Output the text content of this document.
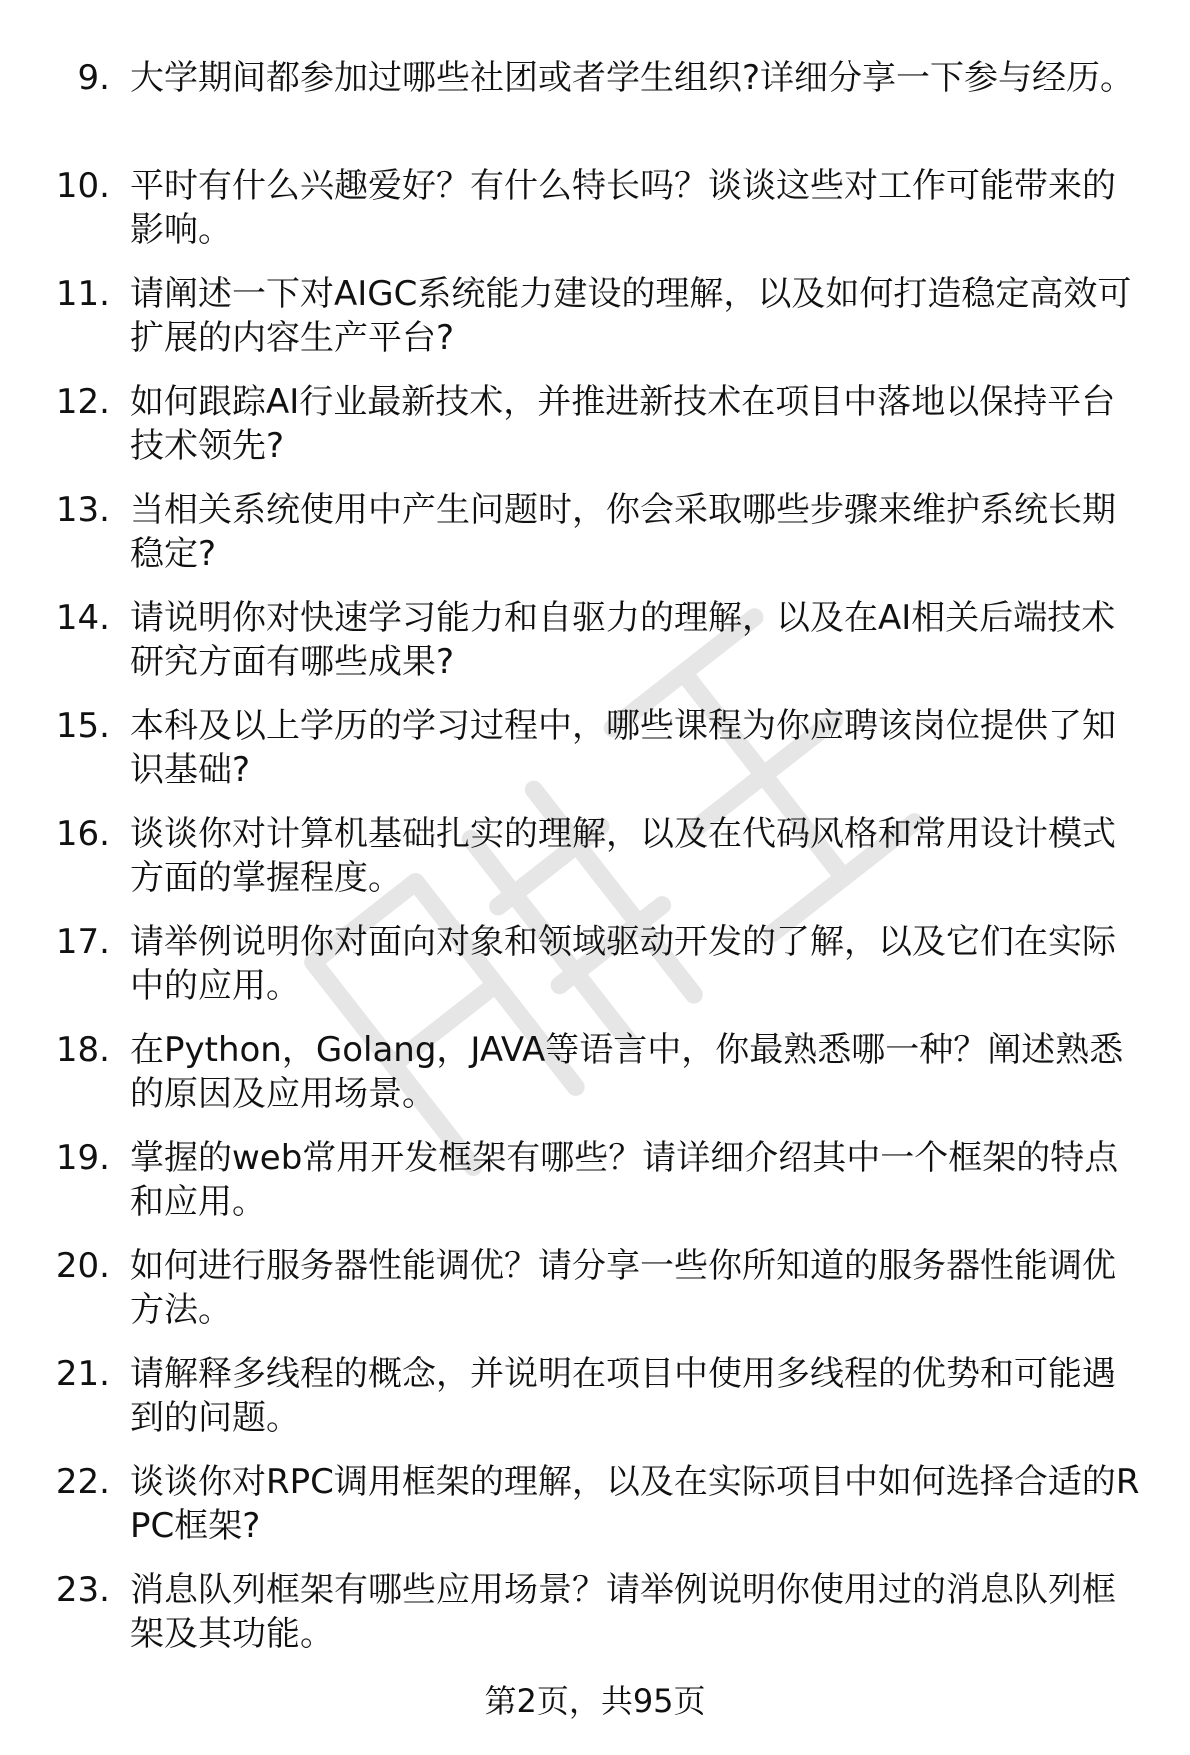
9. 大学期间都参加过哪些社团或者学生组织?详细分享一下参与经历。
10. 平时有什么兴趣爱好？有什么特长吗？谈谈这些对工作可能带来的影响。
11. 请阐述一下对AIGC系统能力建设的理解，以及如何打造稳定高效可扩展的内容生产平台?
12. 如何跟踪AI行业最新技术，并推进新技术在项目中落地以保持平台技术领先?
13. 当相关系统使用中产生问题时，你会采取哪些步骤来维护系统长期稳定?
14. 请说明你对快速学习能力和自驱力的理解，以及在AI相关后端技术研究方面有哪些成果?
15. 本科及以上学历的学习过程中，哪些课程为你应聘该岗位提供了知识基础?
16. 谈谈你对计算机基础扎实的理解，以及在代码风格和常用设计模式方面的掌握程度。
17. 请举例说明你对面向对象和领域驱动开发的了解，以及它们在实际中的应用。
18. 在Python，Golang，JAVA等语言中，你最熟悉哪一种？阐述熟悉的原因及应用场景。
19. 掌握的web常用开发框架有哪些？请详细介绍其中一个框架的特点和应用。
20. 如何进行服务器性能调优？请分享一些你所知道的服务器性能调优方法。
21. 请解释多线程的概念，并说明在项目中使用多线程的优势和可能遇到的问题。
22. 谈谈你对RPC调用框架的理解，以及在实际项目中如何选择合适的RPC框架?
23. 消息队列框架有哪些应用场景？请举例说明你使用过的消息队列框架及其功能。
第2页，共95页
